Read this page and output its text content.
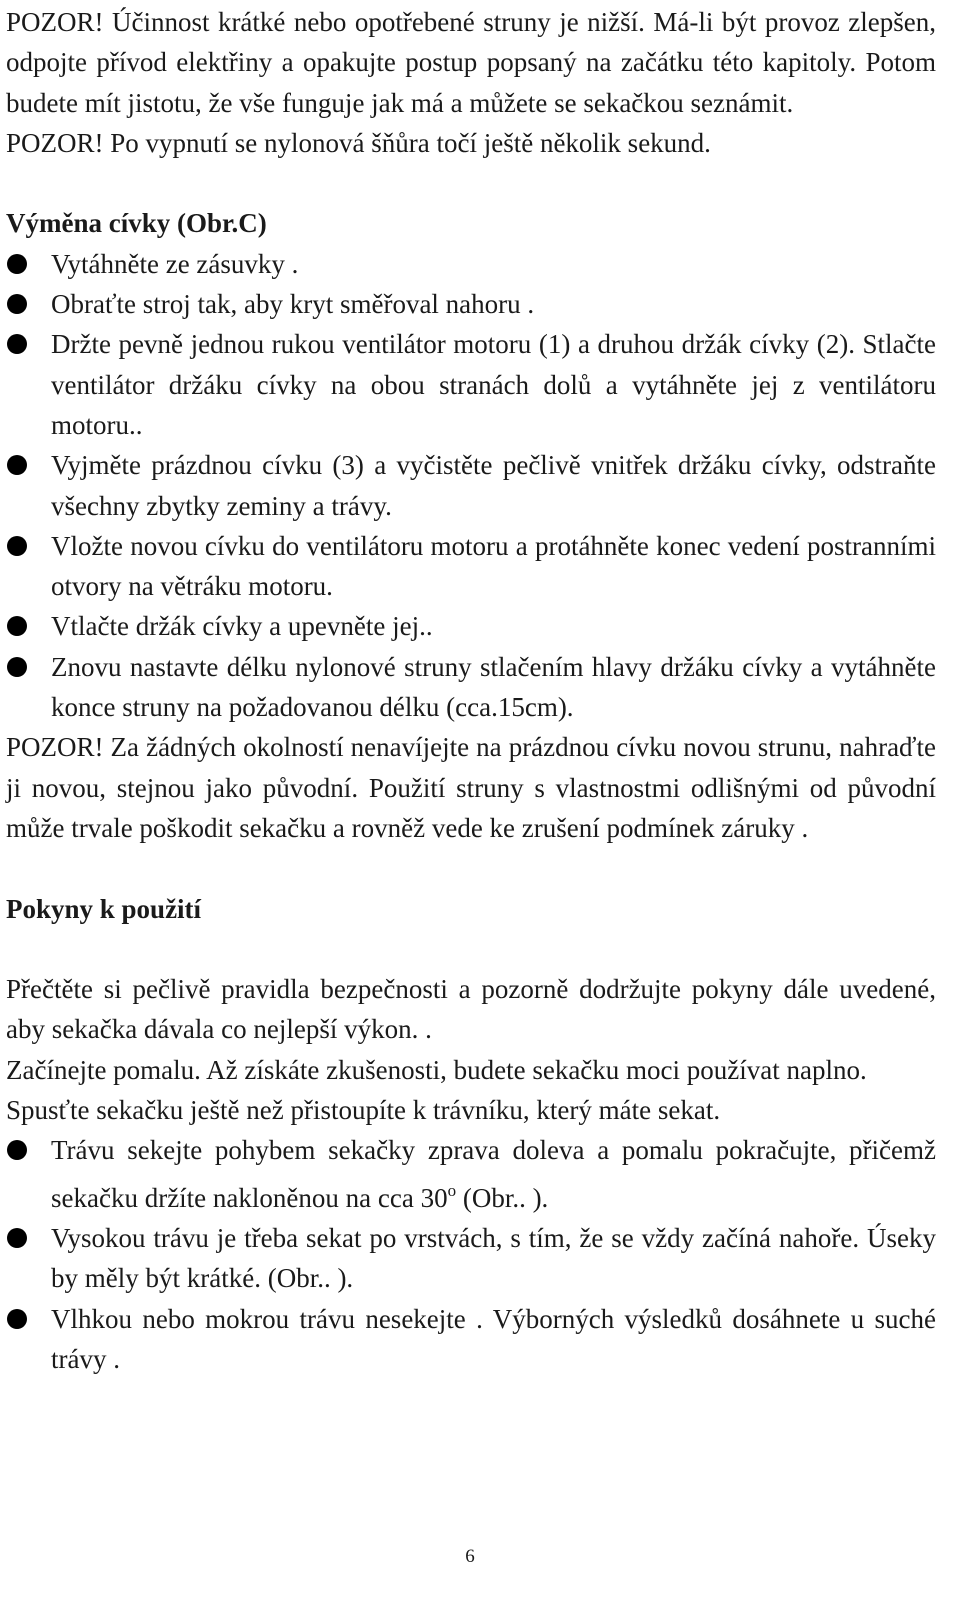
POZOR! Účinnost krátké nebo opotřebené struny je nižší. Má-li být provoz zlepšen, odpojte přívod elektřiny a opakujte postup popsaný na začátku této kapitoly. Potom budete mít jistotu, že vše funguje jak má a můžete se sekačkou seznámit.

POZOR! Po vypnutí se nylonová šňůra točí ještě několik sekund.

Výměna cívky (Obr.C)
Vytáhněte ze zásuvky .
Obraťte stroj tak, aby kryt směřoval nahoru .
Držte pevně jednou rukou ventilátor motoru (1) a druhou držák cívky (2). Stlačte ventilátor držáku cívky na obou stranách dolů a vytáhněte jej z ventilátoru motoru..
Vyjměte prázdnou cívku (3) a vyčistěte pečlivě vnitřek držáku cívky, odstraňte všechny zbytky zeminy a trávy.
Vložte novou cívku do ventilátoru motoru a protáhněte konec vedení postranními otvory na větráku motoru.
Vtlačte držák cívky a upevněte jej..
Znovu nastavte délku nylonové struny stlačením hlavy držáku cívky a vytáhněte konce struny na požadovanou délku (cca.15cm).

POZOR! Za žádných okolností nenavíjejte na prázdnou cívku novou strunu, nahraďte ji novou, stejnou jako původní. Použití struny s vlastnostmi odlišnými od původní může trvale poškodit sekačku a rovněž vede ke zrušení podmínek záruky .

Pokyny k použití

Přečtěte si pečlivě pravidla bezpečnosti a pozorně dodržujte pokyny dále uvedené, aby sekačka dávala co nejlepší výkon. .

Začínejte pomalu. Až získáte zkušenosti, budete sekačku moci používat naplno.

Spusťte sekačku ještě než přistoupíte k trávníku, který máte sekat.

Trávu sekejte pohybem sekačky zprava doleva a pomalu pokračujte, přičemž sekačku držíte nakloněnou na cca 30$^o$ (Obr.. ).
Vysokou trávu je třeba sekat po vrstvách, s tím, že se vždy začíná nahoře. Úseky by měly být krátké. (Obr.. ).
Vlhkou nebo mokrou trávu nesekejte . Výborných výsledků dosáhnete u suché trávy .
6
